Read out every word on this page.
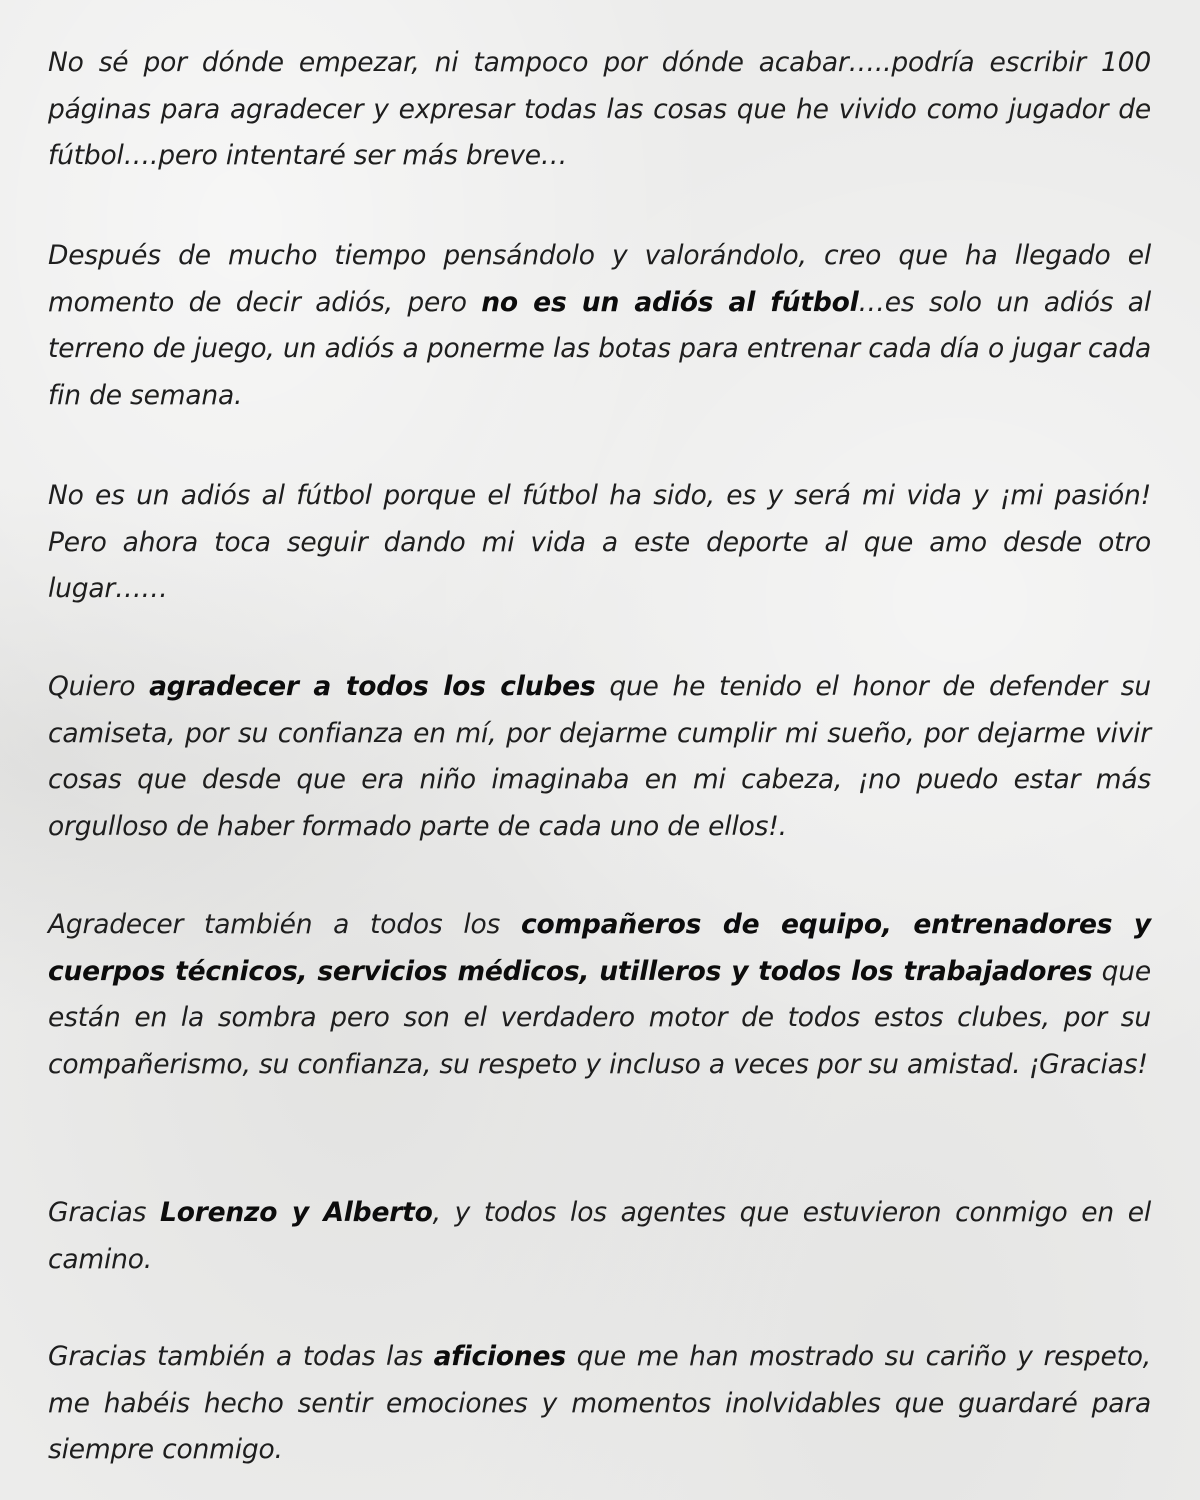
No sé por dónde empezar, ni tampoco por dónde acabar…..podría escribir 100 páginas para agradecer y expresar todas las cosas que he vivido como jugador de fútbol….pero intentaré ser más breve…

Después de mucho tiempo pensándolo y valorándolo, creo que ha llegado el momento de decir adiós, pero no es un adiós al fútbol…es solo un adiós al terreno de juego, un adiós a ponerme las botas para entrenar cada día o jugar cada fin de semana.

No es un adiós al fútbol porque el fútbol ha sido, es y será mi vida y ¡mi pasión! Pero ahora toca seguir dando mi vida a este deporte al que amo desde otro lugar……

Quiero agradecer a todos los clubes que he tenido el honor de defender su camiseta, por su confianza en mí, por dejarme cumplir mi sueño, por dejarme vivir cosas que desde que era niño imaginaba en mi cabeza, ¡no puedo estar más orgulloso de haber formado parte de cada uno de ellos!.

Agradecer también a todos los compañeros de equipo, entrenadores y cuerpos técnicos, servicios médicos, utilleros y todos los trabajadores que están en la sombra pero son el verdadero motor de todos estos clubes, por su compañerismo, su confianza, su respeto y incluso a veces por su amistad. ¡Gracias!

Gracias Lorenzo y Alberto, y todos los agentes que estuvieron conmigo en el camino.

Gracias también a todas las aficiones que me han mostrado su cariño y respeto, me habéis hecho sentir emociones y momentos inolvidables que guardaré para siempre conmigo.
